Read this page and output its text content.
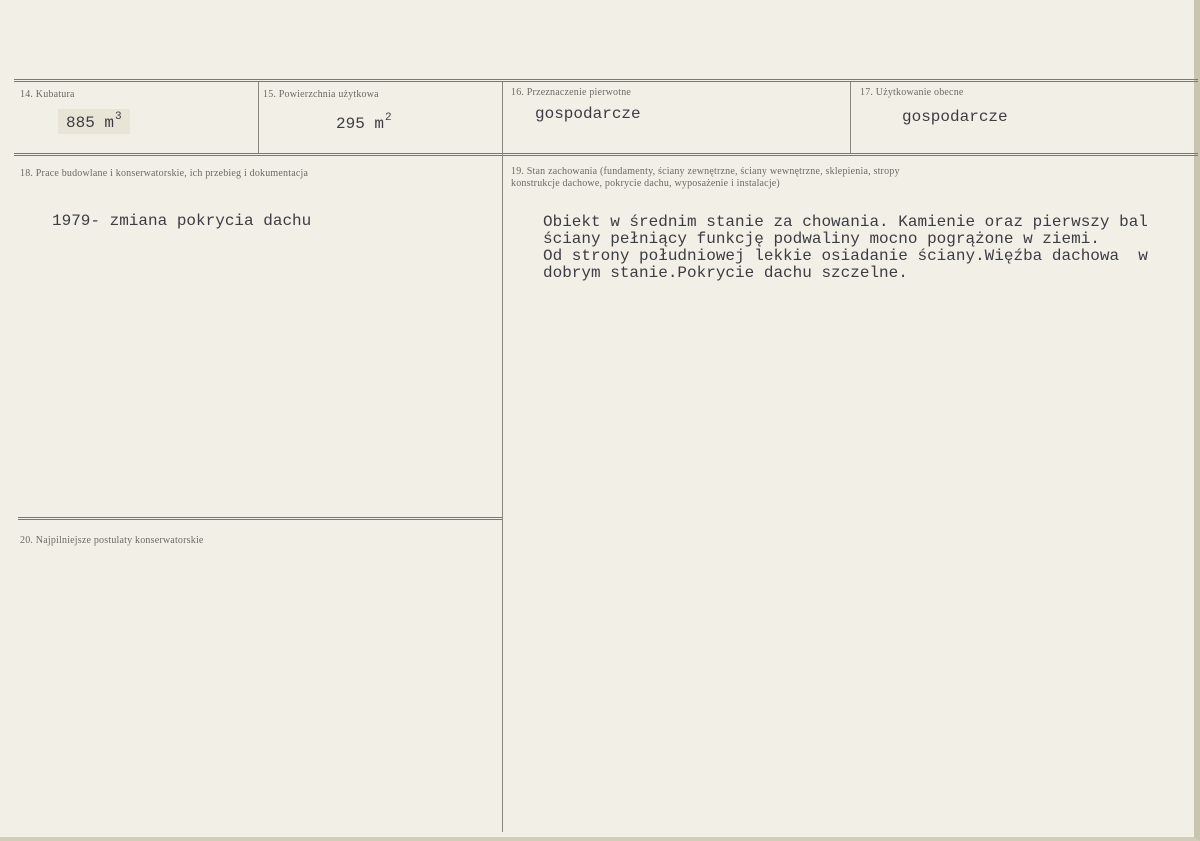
14. Kubatura
885 $m^3$
15. Powierzchnia użytkowa
295 $m^2$
16. Przeznaczenie pierwotne
gospodarcze
17. Użytkowanie obecne
gospodarcze
18. Prace budowlane i konserwatorskie, ich przebieg i dokumentacja
1979- zmiana pokrycia dachu
19. Stan zachowania (fundamenty, ściany zewnętrzne, ściany wewnętrzne, sklepienia, stropy
konstrukcje dachowe, pokrycie dachu, wyposażenie i instalacje)
Obiekt w średnim stanie za chowania. Kamienie oraz pierwszy bal
ściany pełniący funkcję podwaliny mocno pogrążone w ziemi.
Od strony południowej lekkie osiadanie ściany.Więźba dachowa  w
dobrym stanie.Pokrycie dachu szczelne.
20. Najpilniejsze postulaty konserwatorskie
